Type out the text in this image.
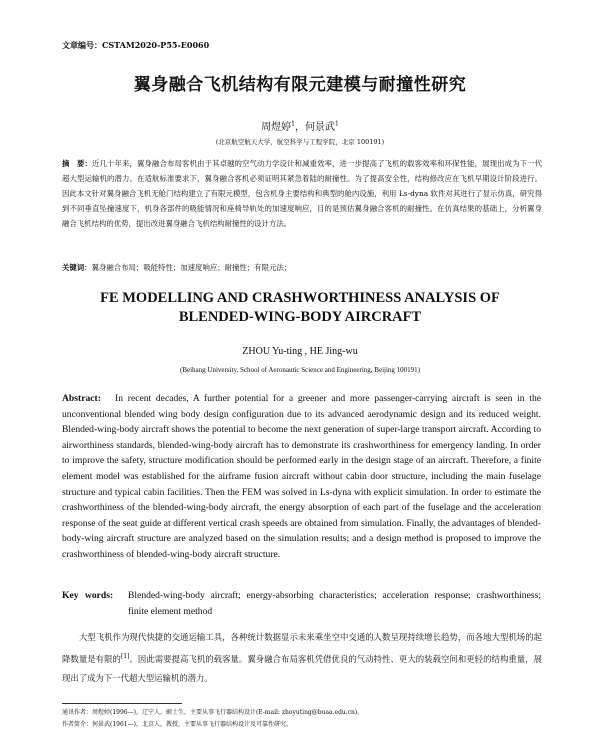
文章编号：CSTAM2020-P55-E0060
翼身融合飞机结构有限元建模与耐撞性研究
周煜婷$^1$，何景武$^1$
(北京航空航天大学，航空科学与工程学院，北京 100191)
摘　要：近几十年来，翼身融合布局客机由于其卓越的空气动力学设计和减重效率，进一步提高了飞机的载客效率和环保性能，展现出成为下一代超大型运输机的潜力。在适航标准要求下，翼身融合客机必须证明其紧急着陆的耐撞性。为了提高安全性，结构修改应在飞机早期设计阶段进行。因此本文针对翼身融合飞机无舱门结构建立了有限元模型，包含机身主要结构和典型的舱内设施，利用 Ls-dyna 软件对其进行了显示仿真，研究得到不同垂直坠撞速度下，机身各部件的吸能情况和座椅导轨处的加速度响应，目的是预估翼身融合客机的耐撞性。在仿真结果的基础上，分析翼身融合飞机结构的优势，提出改进翼身融合飞机结构耐撞性的设计方法。
关键词：翼身融合布局；吸能特性；加速度响应；耐撞性；有限元法；
FE MODELLING AND CRASHWORTHINESS ANALYSIS OF
BLENDED-WING-BODY AIRCRAFT
ZHOU Yu-ting , HE Jing-wu
(Beihang University, School of Aeronautic Science and Engineering, Beijing 100191)
Abstract: In recent decades, A further potential for a greener and more passenger-carrying aircraft is seen in the unconventional blended wing body design configuration due to its advanced aerodynamic design and its reduced weight. Blended-wing-body aircraft shows the potential to become the next generation of super-large transport aircraft. According to airworthiness standards, blended-wing-body aircraft has to demonstrate its crashworthiness for emergency landing. In order to improve the safety, structure modification should be performed early in the design stage of an aircraft. Therefore, a finite element model was established for the airframe fusion aircraft without cabin door structure, including the main fuselage structure and typical cabin facilities. Then the FEM was solved in Ls-dyna with explicit simulation. In order to estimate the crashworthiness of the blended-wing-body aircraft, the energy absorption of each part of the fuselage and the acceleration response of the seat guide at different vertical crash speeds are obtained from simulation. Finally, the advantages of blended-body-wing aircraft structure are analyzed based on the simulation results; and a design method is proposed to improve the crashworthiness of blended-wing-body aircraft structure.
Key words:	Blended-wing-body aircraft; energy-absorbing characteristics; acceleration response; crashworthiness; finite element method
大型飞机作为现代快捷的交通运输工具，各种统计数据显示未来乘坐空中交通的人数呈现持续增长趋势，而各地大型机场的起降数量是有限的[1]。因此需要提高飞机的载客量。翼身融合布局客机凭借优良的气动特性、更大的装载空间和更轻的结构重量，展现出了成为下一代超大型运输机的潜力。
通讯作者：周煜婷(1996—)，辽宁人，硕士生，主要从事飞行器结构设计(E-mail: zhoyuting@buaa.edu.cn)。
作者简介：何景武(1961—)，北京人，教授，主要从事飞行器结构设计及可靠性研究。
